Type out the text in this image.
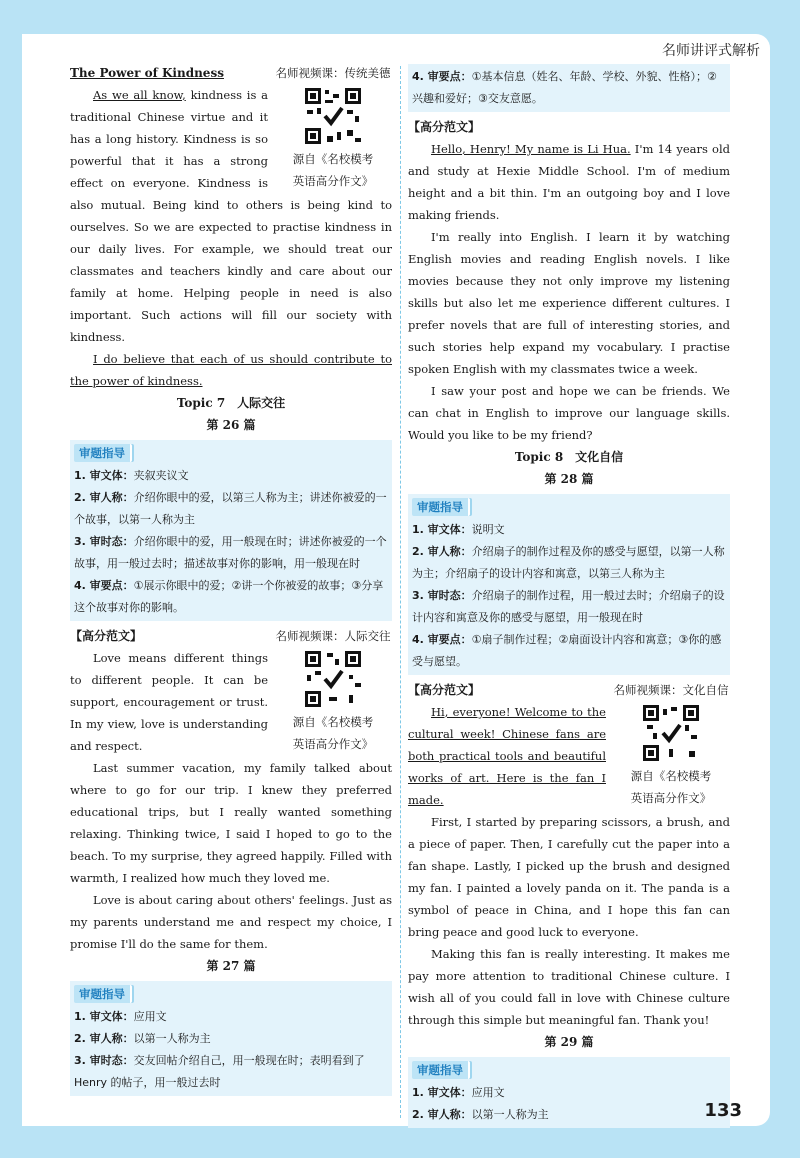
名师讲评式解析
名师视频课：传统美德
源自《名校模考
英语高分作文》
The Power of Kindness

As we all know, kindness is a traditional Chinese virtue and it has a long history. Kindness is so powerful that it has a strong effect on everyone. Kindness is also mutual. Being kind to others is being kind to ourselves. So we are expected to practise kindness in our daily lives. For example, we should treat our classmates and teachers kindly and care about our family at home. Helping people in need is also important. Such actions will fill our society with kindness.

I do believe that each of us should contribute to the power of kindness.

Topic 7　人际交往
第 26 篇
审题指导
1. 审文体：夹叙夹议文
2. 审人称：介绍你眼中的爱，以第三人称为主；讲述你被爱的一个故事，以第一人称为主
3. 审时态：介绍你眼中的爱，用一般现在时；讲述你被爱的一个故事，用一般过去时；描述故事对你的影响，用一般现在时
4. 审要点：①展示你眼中的爱；②讲一个你被爱的故事；③分享这个故事对你的影响。
名师视频课：人际交往
源自《名校模考
英语高分作文》
【高分范文】

Love means different things to different people. It can be support, encouragement or trust. In my view, love is understanding and respect.

Last summer vacation, my family talked about where to go for our trip. I knew they preferred educational trips, but I really wanted something relaxing. Thinking twice, I said I hoped to go to the beach. To my surprise, they agreed happily. Filled with warmth, I realized how much they loved me.

Love is about caring about others' feelings. Just as my parents understand me and respect my choice, I promise I'll do the same for them.

第 27 篇
审题指导
1. 审文体：应用文
2. 审人称：以第一人称为主
3. 审时态：交友回帖介绍自己，用一般现在时；表明看到了 Henry 的帖子，用一般过去时
4. 审要点：①基本信息（姓名、年龄、学校、外貌、性格）；②兴趣和爱好；③交友意愿。
【高分范文】

Hello, Henry! My name is Li Hua. I'm 14 years old and study at Hexie Middle School. I'm of medium height and a bit thin. I'm an outgoing boy and I love making friends.

I'm really into English. I learn it by watching English movies and reading English novels. I like movies because they not only improve my listening skills but also let me experience different cultures. I prefer novels that are full of interesting stories, and such stories help expand my vocabulary. I practise spoken English with my classmates twice a week.

I saw your post and hope we can be friends. We can chat in English to improve our language skills. Would you like to be my friend?

Topic 8　文化自信
第 28 篇
审题指导
1. 审文体：说明文
2. 审人称：介绍扇子的制作过程及你的感受与愿望，以第一人称为主；介绍扇子的设计内容和寓意，以第三人称为主
3. 审时态：介绍扇子的制作过程，用一般过去时；介绍扇子的设计内容和寓意及你的感受与愿望，用一般现在时
4. 审要点：①扇子制作过程；②扇面设计内容和寓意；③你的感受与愿望。
【高分范文】	名师视频课：文化自信
源自《名校模考
英语高分作文》

Hi, everyone! Welcome to the cultural week! Chinese fans are both practical tools and beautiful works of art. Here is the fan I made.

First, I started by preparing scissors, a brush, and a piece of paper. Then, I carefully cut the paper into a fan shape. Lastly, I picked up the brush and designed my fan. I painted a lovely panda on it. The panda is a symbol of peace in China, and I hope this fan can bring peace and good luck to everyone.

Making this fan is really interesting. It makes me pay more attention to traditional Chinese culture. I wish all of you could fall in love with Chinese culture through this simple but meaningful fan. Thank you!

第 29 篇
审题指导
1. 审文体：应用文
2. 审人称：以第一人称为主	133
